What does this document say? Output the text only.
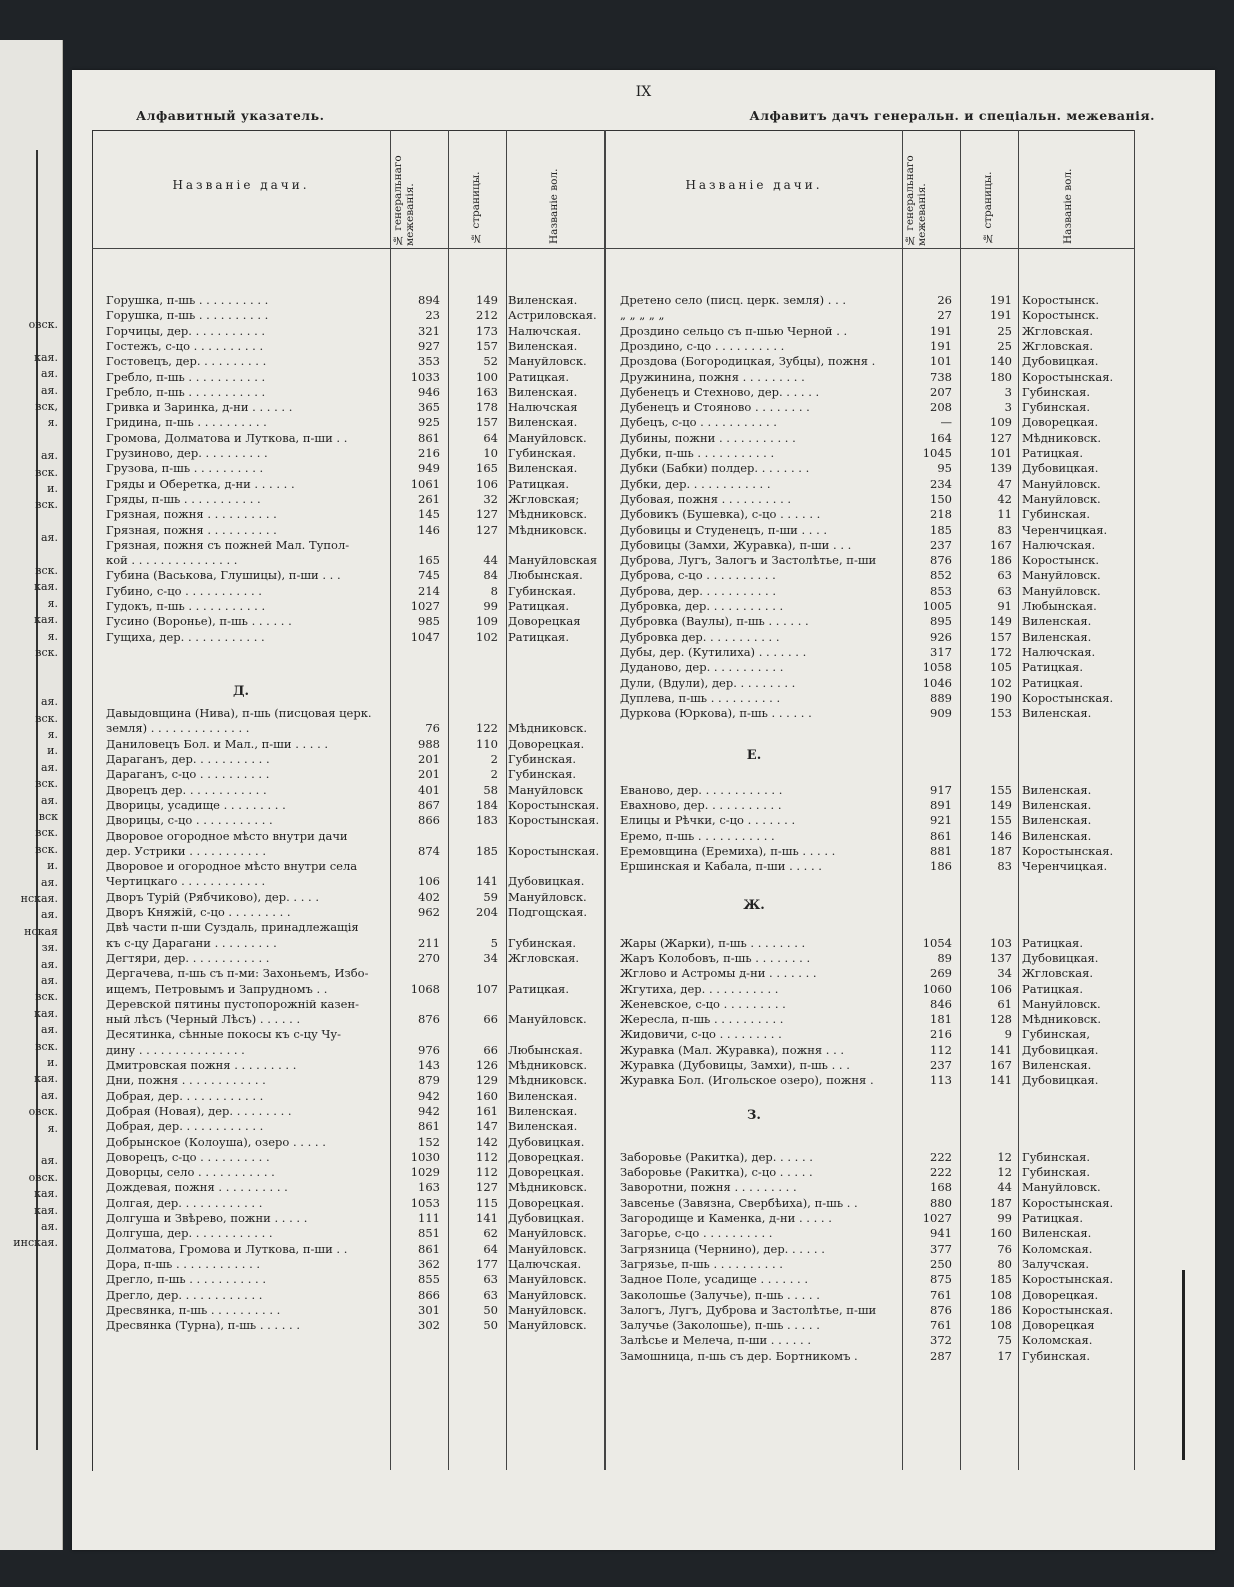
овск.
кая.
ая.
ая.
вск,
я.
ая.
вск.
и.
вск.
ая.
вск.
кая.
я.
кая.
я.
вск.
ая.
вск.
я.
и.
ая.
вск.
ая.
вск
вск.
вск.
и.
ая.
нская.
ая.
нская
зя.
ая.
ая.
вск.
кая.
ая.
вск.
и.
кая.
ая.
овск.
я.
ая.
овск.
кая.
кая.
ая.
инская.
IX
Алфавитный указатель.	Алфавитъ дачъ генеральн. и спеціальн. межеванія.
Названіе дачи.	№ генеральнаго межеванія.	№ страницы.	Названіе вол.	Названіе дачи.	№ генеральнаго межеванія.	№ страницы.	Названіе вол.
Горушка, п-шь . . . . . . . . . .	894	149 Виленская.
Горушка, п-шь . . . . . . . . . .	23	212 Астриловская.
Горчицы, дер. . . . . . . . . . .	321	173 Налючская.
Гостежъ, с-цо . . . . . . . . . .	927	157 Виленская.
Гостовецъ, дер. . . . . . . . . .	353	52 Мануйловск.
Гребло, п-шь . . . . . . . . . . .	1033	100 Ратицкая.
Гребло, п-шь . . . . . . . . . . .	946	163 Виленская.
Гривка и Заринка, д-ни . . . . . .	365	178 Налючская
Гридина, п-шь . . . . . . . . . .	925	157 Виленская.
Громова, Долматова и Луткова, п-ши . .	861	64 Мануйловск.
Грузиново, дер. . . . . . . . . .	216	10 Губинская.
Грузова, п-шь . . . . . . . . . .	949	165 Виленская.
Гряды и Оберетка, д-ни . . . . . .	1061	106 Ратицкая.
Гряды, п-шь . . . . . . . . . . .	261	32 Жгловская;
Грязная, пожня . . . . . . . . . .	145	127 Мѣдниковск.
Грязная, пожня . . . . . . . . . .	146	127 Мѣдниковск.
Грязная, пожня съ пожней Мал. Тупол-
кой . . . . . . . . . . . . . . .	165	44 Мануйловская
Губина (Васькова, Глушицы), п-ши . . .	745	84 Любынская.
Губино, с-цо . . . . . . . . . . .	214	8 Губинская.
Гудокъ, п-шь . . . . . . . . . . .	1027	99 Ратицкая.
Гусино (Воронье), п-шь . . . . . .	985	109 Доворецкая
Гущиха, дер. . . . . . . . . . . .	1047	102 Ратицкая.
Давыдовщина (Нива), п-шь (писцовая церк.
земля) . . . . . . . . . . . . . .	76	122 Мѣдниковск.
Даниловецъ Бол. и Мал., п-ши . . . . .	988	110 Доворецкая.
Дараганъ, дер. . . . . . . . . . .	201	2 Губинская.
Дараганъ, с-цо . . . . . . . . . .	201	2 Губинская.
Дворецъ дер. . . . . . . . . . . .	401	58 Мануйловск
Дворицы, усадище . . . . . . . . .	867	184 Коростынская.
Дворицы, с-цо . . . . . . . . . . .	866	183 Коростынская.
Дворовое огородное мѣсто внутри дачи
дер. Устрики . . . . . . . . . . .	874	185 Коростынская.
Дворовое и огородное мѣсто внутри села
Чертицкаго . . . . . . . . . . . .	106	141 Дубовицкая.
Дворъ Турій (Рябчиково), дер. . . . .	402	59 Мануйловск.
Дворъ Княжій, с-цо . . . . . . . . .	962	204 Подгощская.
Двѣ части п-ши Суздаль, принадлежащія
къ с-цу Дарагани . . . . . . . . .	211	5 Губинская.
Дегтяри, дер. . . . . . . . . . . .	270	34 Жгловская.
Дергачева, п-шь съ п-ми: Захоньемъ, Избо-
ищемъ, Петровымъ и Запрудномъ . .	1068	107 Ратицкая.
Деревской пятины пустопорожній казен-
ный лѣсъ (Черный Лѣсъ) . . . . . .	876	66 Мануйловск.
Десятинка, сѣнные покосы къ с-цу Чу-
дину . . . . . . . . . . . . . . .	976	66 Любынская.
Дмитровская пожня . . . . . . . . .	143	126 Мѣдниковск.
Дни, пожня . . . . . . . . . . . .	879	129 Мѣдниковск.
Добрая, дер. . . . . . . . . . . .	942	160 Виленская.
Добрая (Новая), дер. . . . . . . . .	942	161 Виленская.
Добрая, дер. . . . . . . . . . . .	861	147 Виленская.
Добрынское (Колоуша), озеро . . . . .	152	142 Дубовицкая.
Доворецъ, с-цо . . . . . . . . . .	1030	112 Доворецкая.
Доворцы, село . . . . . . . . . . .	1029	112 Доворецкая.
Дождевая, пожня . . . . . . . . . .	163	127 Мѣдниковск.
Долгая, дер. . . . . . . . . . . .	1053	115 Доворецкая.
Долгуша и Звѣрево, пожни . . . . .	111	141 Дубовицкая.
Долгуша, дер. . . . . . . . . . . .	851	62 Мануйловск.
Долматова, Громова и Луткова, п-ши . .	861	64 Мануйловск.
Дора, п-шь . . . . . . . . . . . .	362	177 Цалючская.
Дрегло, п-шь . . . . . . . . . . .	855	63 Мануйловск.
Дрегло, дер. . . . . . . . . . . .	866	63 Мануйловск.
Дресвянка, п-шь . . . . . . . . . .	301	50 Мануйловск.
Дресвянка (Турна), п-шь . . . . . .	302	50 Мануйловск.
Дретено село (писц. церк. земля) . . .	26	191 Коростынск.
„ „ „ „ „	27	191 Коростынск.
Дроздино сельцо съ п-шью Черной . .	191	25 Жгловская.
Дроздино, с-цо . . . . . . . . . .	191	25 Жгловская.
Дроздова (Богородицкая, Зубцы), пожня .	101	140 Дубовицкая.
Дружинина, пожня . . . . . . . . .	738	180 Коростынская.
Дубенецъ и Стехново, дер. . . . . .	207	3 Губинская.
Дубенецъ и Стояново . . . . . . . .	208	3 Губинская.
Дубецъ, с-цо . . . . . . . . . . .	—	109 Доворецкая.
Дубины, пожни . . . . . . . . . . .	164	127 Мѣдниковск.
Дубки, п-шь . . . . . . . . . . .	1045	101 Ратицкая.
Дубки (Бабки) полдер. . . . . . . .	95	139 Дубовицкая.
Дубки, дер. . . . . . . . . . . .	234	47 Мануйловск.
Дубовая, пожня . . . . . . . . . .	150	42 Мануйловск.
Дубовикъ (Бушевка), с-цо . . . . . .	218	11 Губинская.
Дубовицы и Студенецъ, п-ши . . . .	185	83 Черенчицкая.
Дубовицы (Замхи, Журавка), п-ши . . .	237	167 Налючская.
Дуброва, Лугъ, Залогъ и Застолѣтье, п-ши	876	186 Коростынск.
Дуброва, с-цо . . . . . . . . . .	852	63 Мануйловск.
Дуброва, дер. . . . . . . . . . .	853	63 Мануйловск.
Дубровка, дер. . . . . . . . . . .	1005	91 Любынская.
Дубровка (Ваулы), п-шь . . . . . .	895	149 Виленская.
Дубровка дер. . . . . . . . . . .	926	157 Виленская.
Дубы, дер. (Кутилиха) . . . . . . .	317	172 Налючская.
Дуданово, дер. . . . . . . . . . .	1058	105 Ратицкая.
Дули, (Вдули), дер. . . . . . . . .	1046	102 Ратицкая.
Дуплева, п-шь . . . . . . . . . .	889	190 Коростынская.
Дуркова (Юркова), п-шь . . . . . .	909	153 Виленская.
Еваново, дер. . . . . . . . . . . .	917	155 Виленская.
Евахново, дер. . . . . . . . . . .	891	149 Виленская.
Елицы и Рѣчки, с-цо . . . . . . .	921	155 Виленская.
Еремо, п-шь . . . . . . . . . . .	861	146 Виленская.
Еремовщина (Еремиха), п-шь . . . . .	881	187 Коростынская.
Ершинская и Кабала, п-ши . . . . .	186	83 Черенчицкая.
Жары (Жарки), п-шь . . . . . . . .	1054	103 Ратицкая.
Жаръ Колобовъ, п-шь . . . . . . . .	89	137 Дубовицкая.
Жглово и Астромы д-ни . . . . . . .	269	34 Жгловская.
Жгутиха, дер. . . . . . . . . . .	1060	106 Ратицкая.
Женевское, с-цо . . . . . . . . .	846	61 Мануйловск.
Жересла, п-шь . . . . . . . . . .	181	128 Мѣдниковск.
Жидовичи, с-цо . . . . . . . . .	216	9 Губинская,
Журавка (Мал. Журавка), пожня . . .	112	141 Дубовицкая.
Журавка (Дубовицы, Замхи), п-шь . . .	237	167 Виленская.
Журавка Бол. (Игольское озеро), пожня .	113	141 Дубовицкая.
Заборовье (Ракитка), дер. . . . . .	222	12 Губинская.
Заборовье (Ракитка), с-цо . . . . .	222	12 Губинская.
Заворотни, пожня . . . . . . . . .	168	44 Мануйловск.
Завсенье (Завязна, Свербѣиха), п-шь . .	880	187 Коростынская.
Загородище и Каменка, д-ни . . . . .	1027	99 Ратицкая.
Загорье, с-цо . . . . . . . . . .	941	160 Виленская.
Загрязница (Чернино), дер. . . . . .	377	76 Коломская.
Загрязье, п-шь . . . . . . . . . .	250	80 Залучская.
Задное Поле, усадище . . . . . . .	875	185 Коростынская.
Заколошье (Залучье), п-шь . . . . .	761	108 Доворецкая.
Залогъ, Лугъ, Дуброва и Застолѣтье, п-ши	876	186 Коростынская.
Залучье (Заколошье), п-шь . . . . .	761	108 Доворецкая
Залѣсье и Мелеча, п-ши . . . . . .	372	75 Коломская.
Замошница, п-шь съ дер. Бортникомъ .	287	17 Губинская.
Д.
Е.
Ж.
З.
